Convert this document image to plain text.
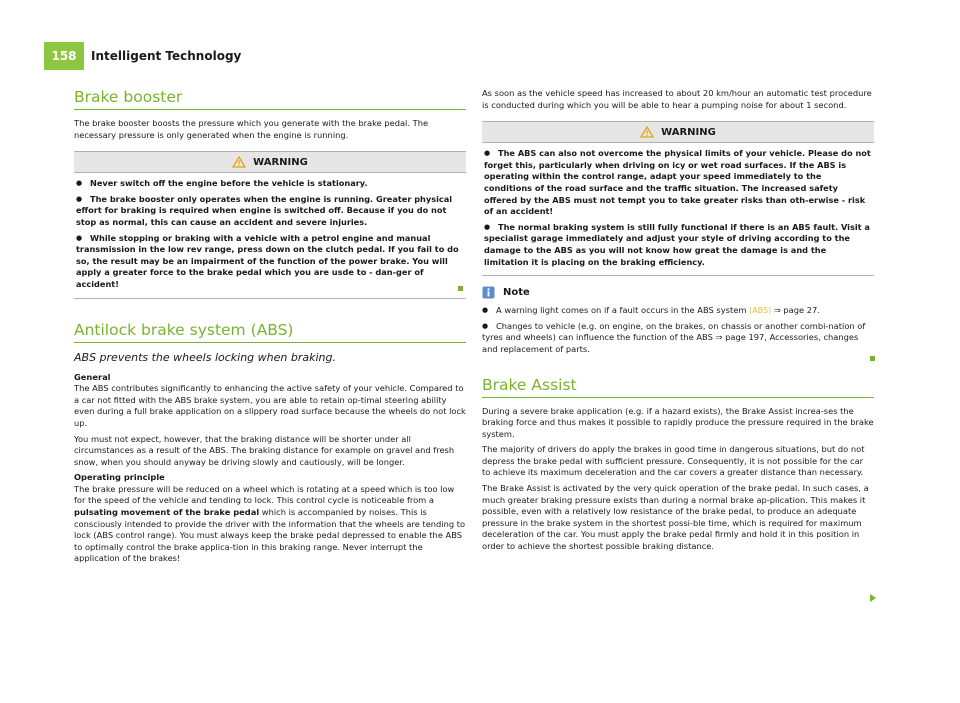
158	Intelligent Technology
Brake booster

The brake booster boosts the pressure which you generate with the brake pedal. The necessary pressure is only generated when the engine is running.

WARNING

● Never switch off the engine before the vehicle is stationary.

● The brake booster only operates when the engine is running. Greater physical effort for braking is required when engine is switched off. Because if you do not stop as normal, this can cause an accident and severe injuries.

● While stopping or braking with a vehicle with a petrol engine and manual transmission in the low rev range, press down on the clutch pedal. If you fail to do so, the result may be an impairment of the function of the power brake. You will apply a greater force to the brake pedal which you are usde to - dan-ger of accident!

Antilock brake system (ABS)

ABS prevents the wheels locking when braking.

General

The ABS contributes significantly to enhancing the active safety of your vehicle. Compared to a car not fitted with the ABS brake system, you are able to retain op-timal steering ability even during a full brake application on a slippery road surface because the wheels do not lock up.

You must not expect, however, that the braking distance will be shorter under all circumstances as a result of the ABS. The braking distance for example on gravel and fresh snow, when you should anyway be driving slowly and cautiously, will be longer.

Operating principle

The brake pressure will be reduced on a wheel which is rotating at a speed which is too low for the speed of the vehicle and tending to lock. This control cycle is noticeable from a pulsating movement of the brake pedal which is accompanied by noises. This is consciously intended to provide the driver with the information that the wheels are tending to lock (ABS control range). You must always keep the brake pedal depressed to enable the ABS to optimally control the brake applica-tion in this braking range. Never interrupt the application of the brakes!

As soon as the vehicle speed has increased to about 20 km/hour an automatic test procedure is conducted during which you will be able to hear a pumping noise for about 1 second.

WARNING

● The ABS can also not overcome the physical limits of your vehicle. Please do not forget this, particularly when driving on icy or wet road surfaces. If the ABS is operating within the control range, adapt your speed immediately to the conditions of the road surface and the traffic situation. The increased safety offered by the ABS must not tempt you to take greater risks than oth-erwise - risk of an accident!

● The normal braking system is still fully functional if there is an ABS fault. Visit a specialist garage immediately and adjust your style of driving according to the damage to the ABS as you will not know how great the damage is and the limitation it is placing on the braking efficiency.

Note

● A warning light comes on if a fault occurs in the ABS system (ABS) ⇒ page 27.

● Changes to vehicle (e.g. on engine, on the brakes, on chassis or another combi-nation of tyres and wheels) can influence the function of the ABS ⇒ page 197, Accessories, changes and replacement of parts.

Brake Assist

During a severe brake application (e.g. if a hazard exists), the Brake Assist increa-ses the braking force and thus makes it possible to rapidly produce the pressure required in the brake system.

The majority of drivers do apply the brakes in good time in dangerous situations, but do not depress the brake pedal with sufficient pressure. Consequently, it is not possible for the car to achieve its maximum deceleration and the car covers a greater distance than necessary.

The Brake Assist is activated by the very quick operation of the brake pedal. In such cases, a much greater braking pressure exists than during a normal brake ap-plication. This makes it possible, even with a relatively low resistance of the brake pedal, to produce an adequate pressure in the brake system in the shortest possi-ble time, which is required for maximum deceleration of the car. You must apply the brake pedal firmly and hold it in this position in order to achieve the shortest possible braking distance.
